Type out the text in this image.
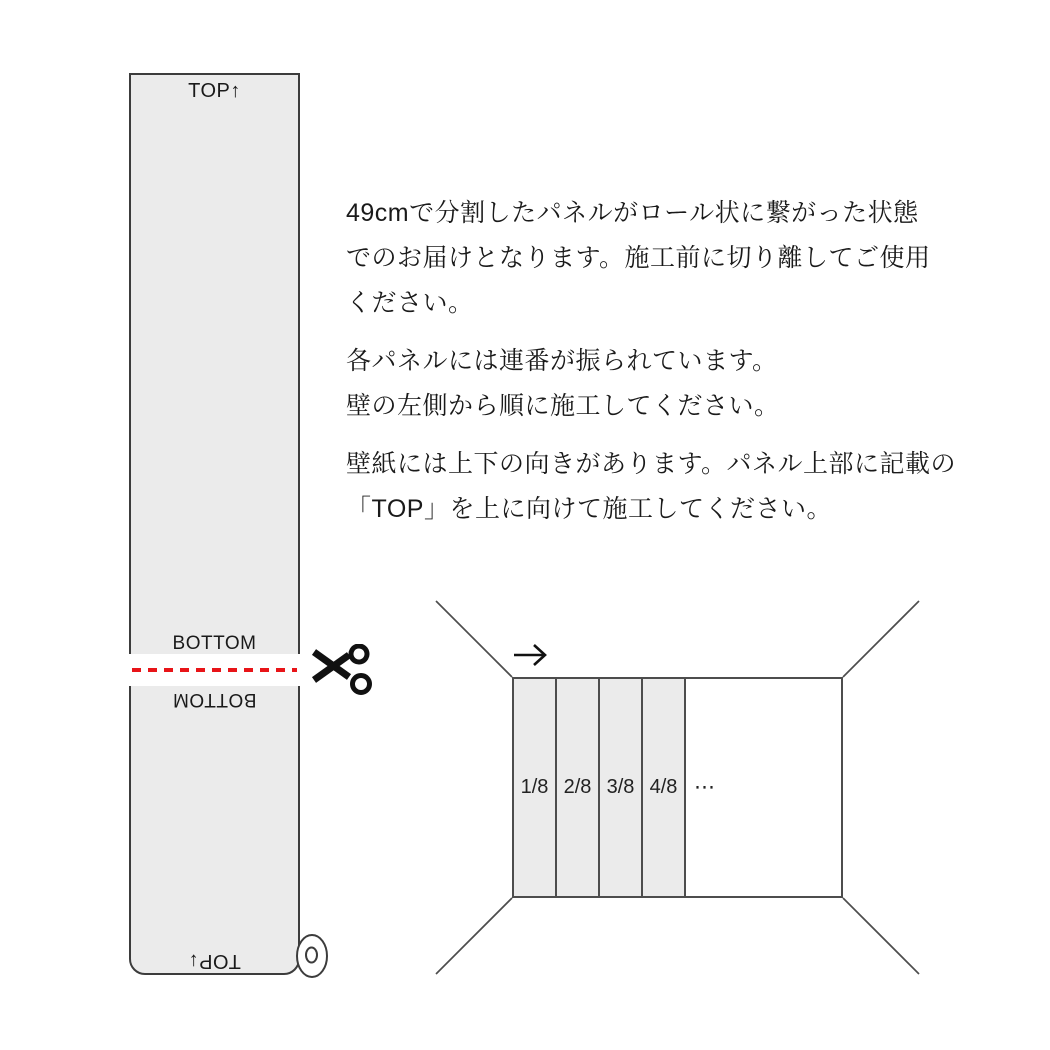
TOP↑
BOTTOM
BOTTOM
TOP↓
49cmで分割したパネルがロール状に繋がった状態
でのお届けとなります。施工前に切り離してご使用
ください。
各パネルには連番が振られています。
壁の左側から順に施工してください。
壁紙には上下の向きがあります。パネル上部に記載の
「TOP」を上に向けて施工してください。
1/8 2/8 3/8 4/8 ⋯
